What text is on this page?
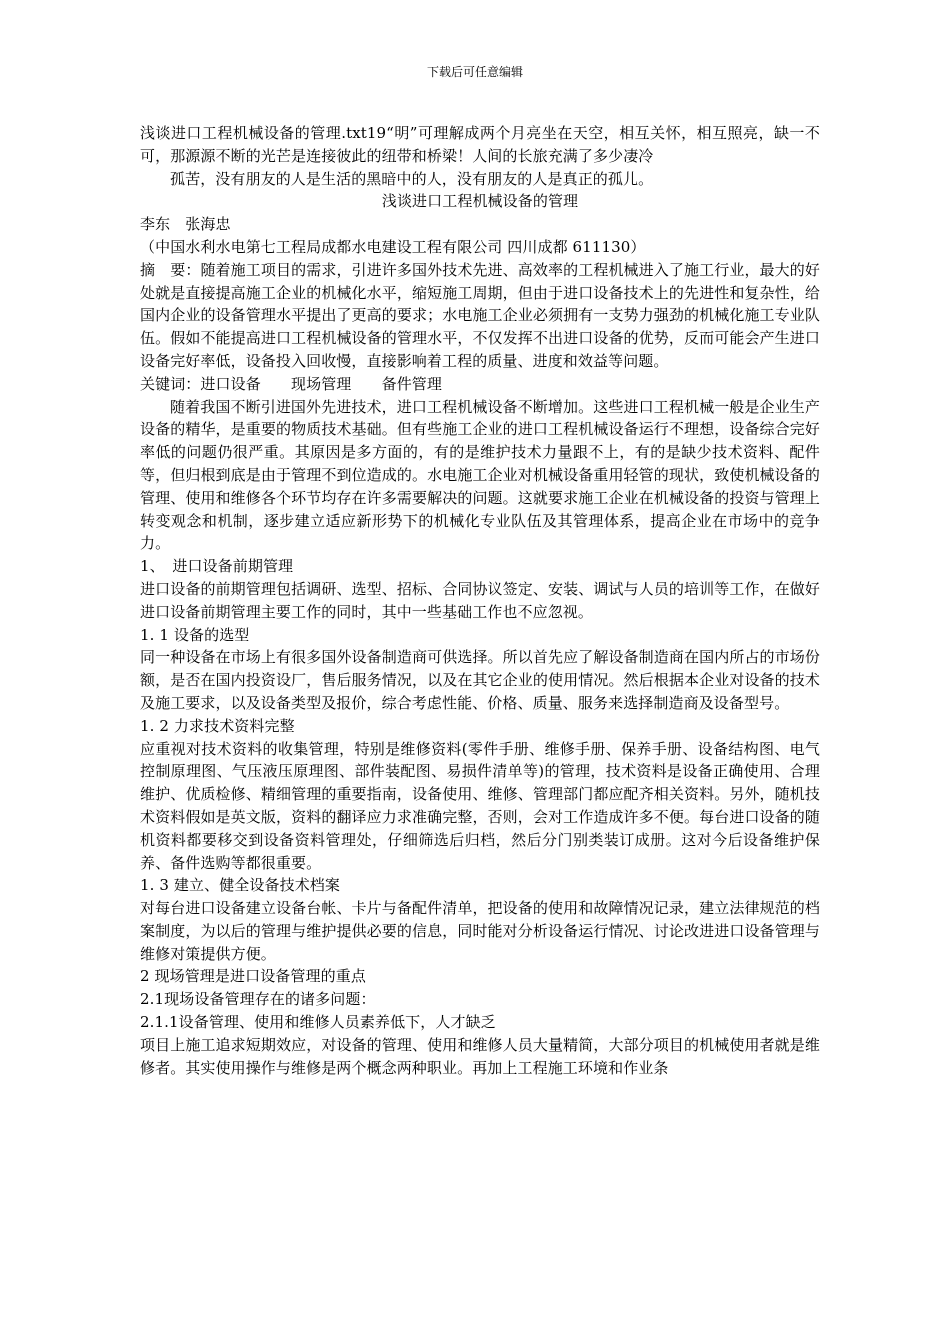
下载后可任意编辑

浅谈进口工程机械设备的管理.txt19“明”可理解成两个月亮坐在天空，相互关怀，相互照亮，缺一不可，那源源不断的光芒是连接彼此的纽带和桥梁！人间的长旅充满了多少凄冷

孤苦，没有朋友的人是生活的黑暗中的人，没有朋友的人是真正的孤儿。

浅谈进口工程机械设备的管理

李东　张海忠

（中国水利水电第七工程局成都水电建设工程有限公司 四川成都 611130）

摘　要：随着施工项目的需求，引进许多国外技术先进、高效率的工程机械进入了施工行业，最大的好处就是直接提高施工企业的机械化水平，缩短施工周期，但由于进口设备技术上的先进性和复杂性，给国内企业的设备管理水平提出了更高的要求；水电施工企业必须拥有一支势力强劲的机械化施工专业队伍。假如不能提高进口工程机械设备的管理水平，不仅发挥不出进口设备的优势，反而可能会产生进口设备完好率低，设备投入回收慢，直接影响着工程的质量、进度和效益等问题。

关键词：进口设备　　现场管理　　备件管理

随着我国不断引进国外先进技术，进口工程机械设备不断增加。这些进口工程机械一般是企业生产设备的精华，是重要的物质技术基础。但有些施工企业的进口工程机械设备运行不理想，设备综合完好率低的问题仍很严重。其原因是多方面的，有的是维护技术力量跟不上，有的是缺少技术资料、配件等，但归根到底是由于管理不到位造成的。水电施工企业对机械设备重用轻管的现状，致使机械设备的管理、使用和维修各个环节均存在许多需要解决的问题。这就要求施工企业在机械设备的投资与管理上转变观念和机制，逐步建立适应新形势下的机械化专业队伍及其管理体系，提高企业在市场中的竞争力。

1、　进口设备前期管理

进口设备的前期管理包括调研、选型、招标、合同协议签定、安装、调试与人员的培训等工作，在做好进口设备前期管理主要工作的同时，其中一些基础工作也不应忽视。

1. 1 设备的选型

同一种设备在市场上有很多国外设备制造商可供选择。所以首先应了解设备制造商在国内所占的市场份额，是否在国内投资设厂，售后服务情况，以及在其它企业的使用情况。然后根据本企业对设备的技术及施工要求，以及设备类型及报价，综合考虑性能、价格、质量、服务来选择制造商及设备型号。

1. 2 力求技术资料完整

应重视对技术资料的收集管理，特别是维修资料(零件手册、维修手册、保养手册、设备结构图、电气控制原理图、气压液压原理图、部件装配图、易损件清单等)的管理，技术资料是设备正确使用、合理维护、优质检修、精细管理的重要指南，设备使用、维修、管理部门都应配齐相关资料。另外，随机技术资料假如是英文版，资料的翻译应力求准确完整，否则，会对工作造成许多不便。每台进口设备的随机资料都要移交到设备资料管理处，仔细筛选后归档，然后分门别类装订成册。这对今后设备维护保养、备件选购等都很重要。

1. 3 建立、健全设备技术档案

对每台进口设备建立设备台帐、卡片与备配件清单，把设备的使用和故障情况记录，建立法律规范的档案制度，为以后的管理与维护提供必要的信息，同时能对分析设备运行情况、讨论改进进口设备管理与维修对策提供方便。

2 现场管理是进口设备管理的重点

2.1现场设备管理存在的诸多问题：

2.1.1设备管理、使用和维修人员素养低下，人才缺乏

项目上施工追求短期效应，对设备的管理、使用和维修人员大量精简，大部分项目的机械使用者就是维修者。其实使用操作与维修是两个概念两种职业。再加上工程施工环境和作业条
